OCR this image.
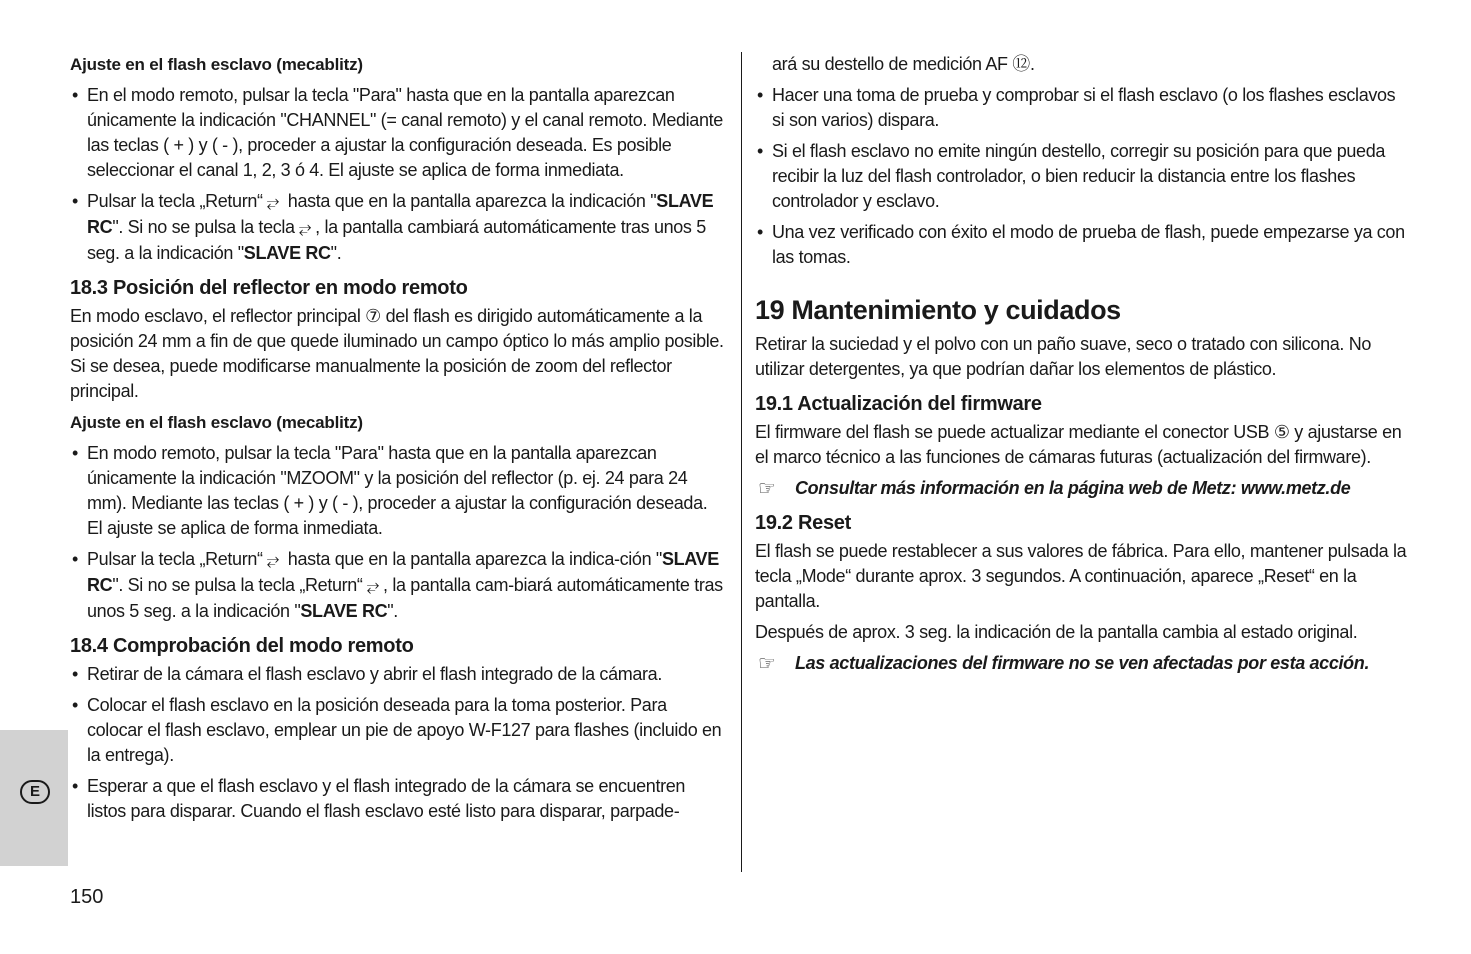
Ajuste en el flash esclavo (mecablitz)
• En el modo remoto, pulsar la tecla "Para" hasta que en la pantalla aparezcan únicamente la indicación "CHANNEL" (= canal remoto) y el canal remoto. Mediante las teclas ( + ) y ( - ), proceder a ajustar la configuración deseada. Es posible seleccionar el canal 1, 2, 3 ó 4. El ajuste se aplica de forma inmediata.
• Pulsar la tecla „Return“ ⥂ hasta que en la pantalla aparezca la indicación "SLAVE RC". Si no se pulsa la tecla ⥂ , la pantalla cambiará automáticamente tras unos 5 seg. a la indicación "SLAVE RC".
18.3 Posición del reflector en modo remoto

En modo esclavo, el reflector principal ⑦ del flash es dirigido automáticamente a la posición 24 mm a fin de que quede iluminado un campo óptico lo más amplio posible. Si se desea, puede modificarse manualmente la posición de zoom del reflector principal.

Ajuste en el flash esclavo (mecablitz)
• En modo remoto, pulsar la tecla "Para" hasta que en la pantalla aparezcan únicamente la indicación "MZOOM" y la posición del reflector (p. ej. 24 para 24 mm). Mediante las teclas ( + ) y ( - ), proceder a ajustar la configuración deseada. El ajuste se aplica de forma inmediata.
• Pulsar la tecla „Return“ ⥂ hasta que en la pantalla aparezca la indica-ción "SLAVE RC". Si no se pulsa la tecla „Return“ ⥂ , la pantalla cam-biará automáticamente tras unos 5 seg. a la indicación "SLAVE RC".
18.4 Comprobación del modo remoto
• Retirar de la cámara el flash esclavo y abrir el flash integrado de la cámara.
• Colocar el flash esclavo en la posición deseada para la toma posterior. Para colocar el flash esclavo, emplear un pie de apoyo W-F127 para flashes (incluido en la entrega).
• Esperar a que el flash esclavo y el flash integrado de la cámara se encuentren listos para disparar. Cuando el flash esclavo esté listo para disparar, parpade-

ará su destello de medición AF ⑫.

• Hacer una toma de prueba y comprobar si el flash esclavo (o los flashes esclavos si son varios) dispara.
• Si el flash esclavo no emite ningún destello, corregir su posición para que pueda recibir la luz del flash controlador, o bien reducir la distancia entre los flashes controlador y esclavo.
• Una vez verificado con éxito el modo de prueba de flash, puede empezarse ya con las tomas.
19 Mantenimiento y cuidados

Retirar la suciedad y el polvo con un paño suave, seco o tratado con silicona. No utilizar detergentes, ya que podrían dañar los elementos de plástico.

19.1 Actualización del firmware

El firmware del flash se puede actualizar mediante el conector USB ⑤ y ajustarse en el marco técnico a las funciones de cámaras futuras (actualización del firmware).

☞ Consultar más información en la página web de Metz: www.metz.de
19.2 Reset

El flash se puede restablecer a sus valores de fábrica. Para ello, mantener pulsada la tecla „Mode“ durante aprox. 3 segundos. A continuación, aparece „Reset“ en la pantalla.

Después de aprox. 3 seg. la indicación de la pantalla cambia al estado original.

☞ Las actualizaciones del firmware no se ven afectadas por esta acción.
E
150
